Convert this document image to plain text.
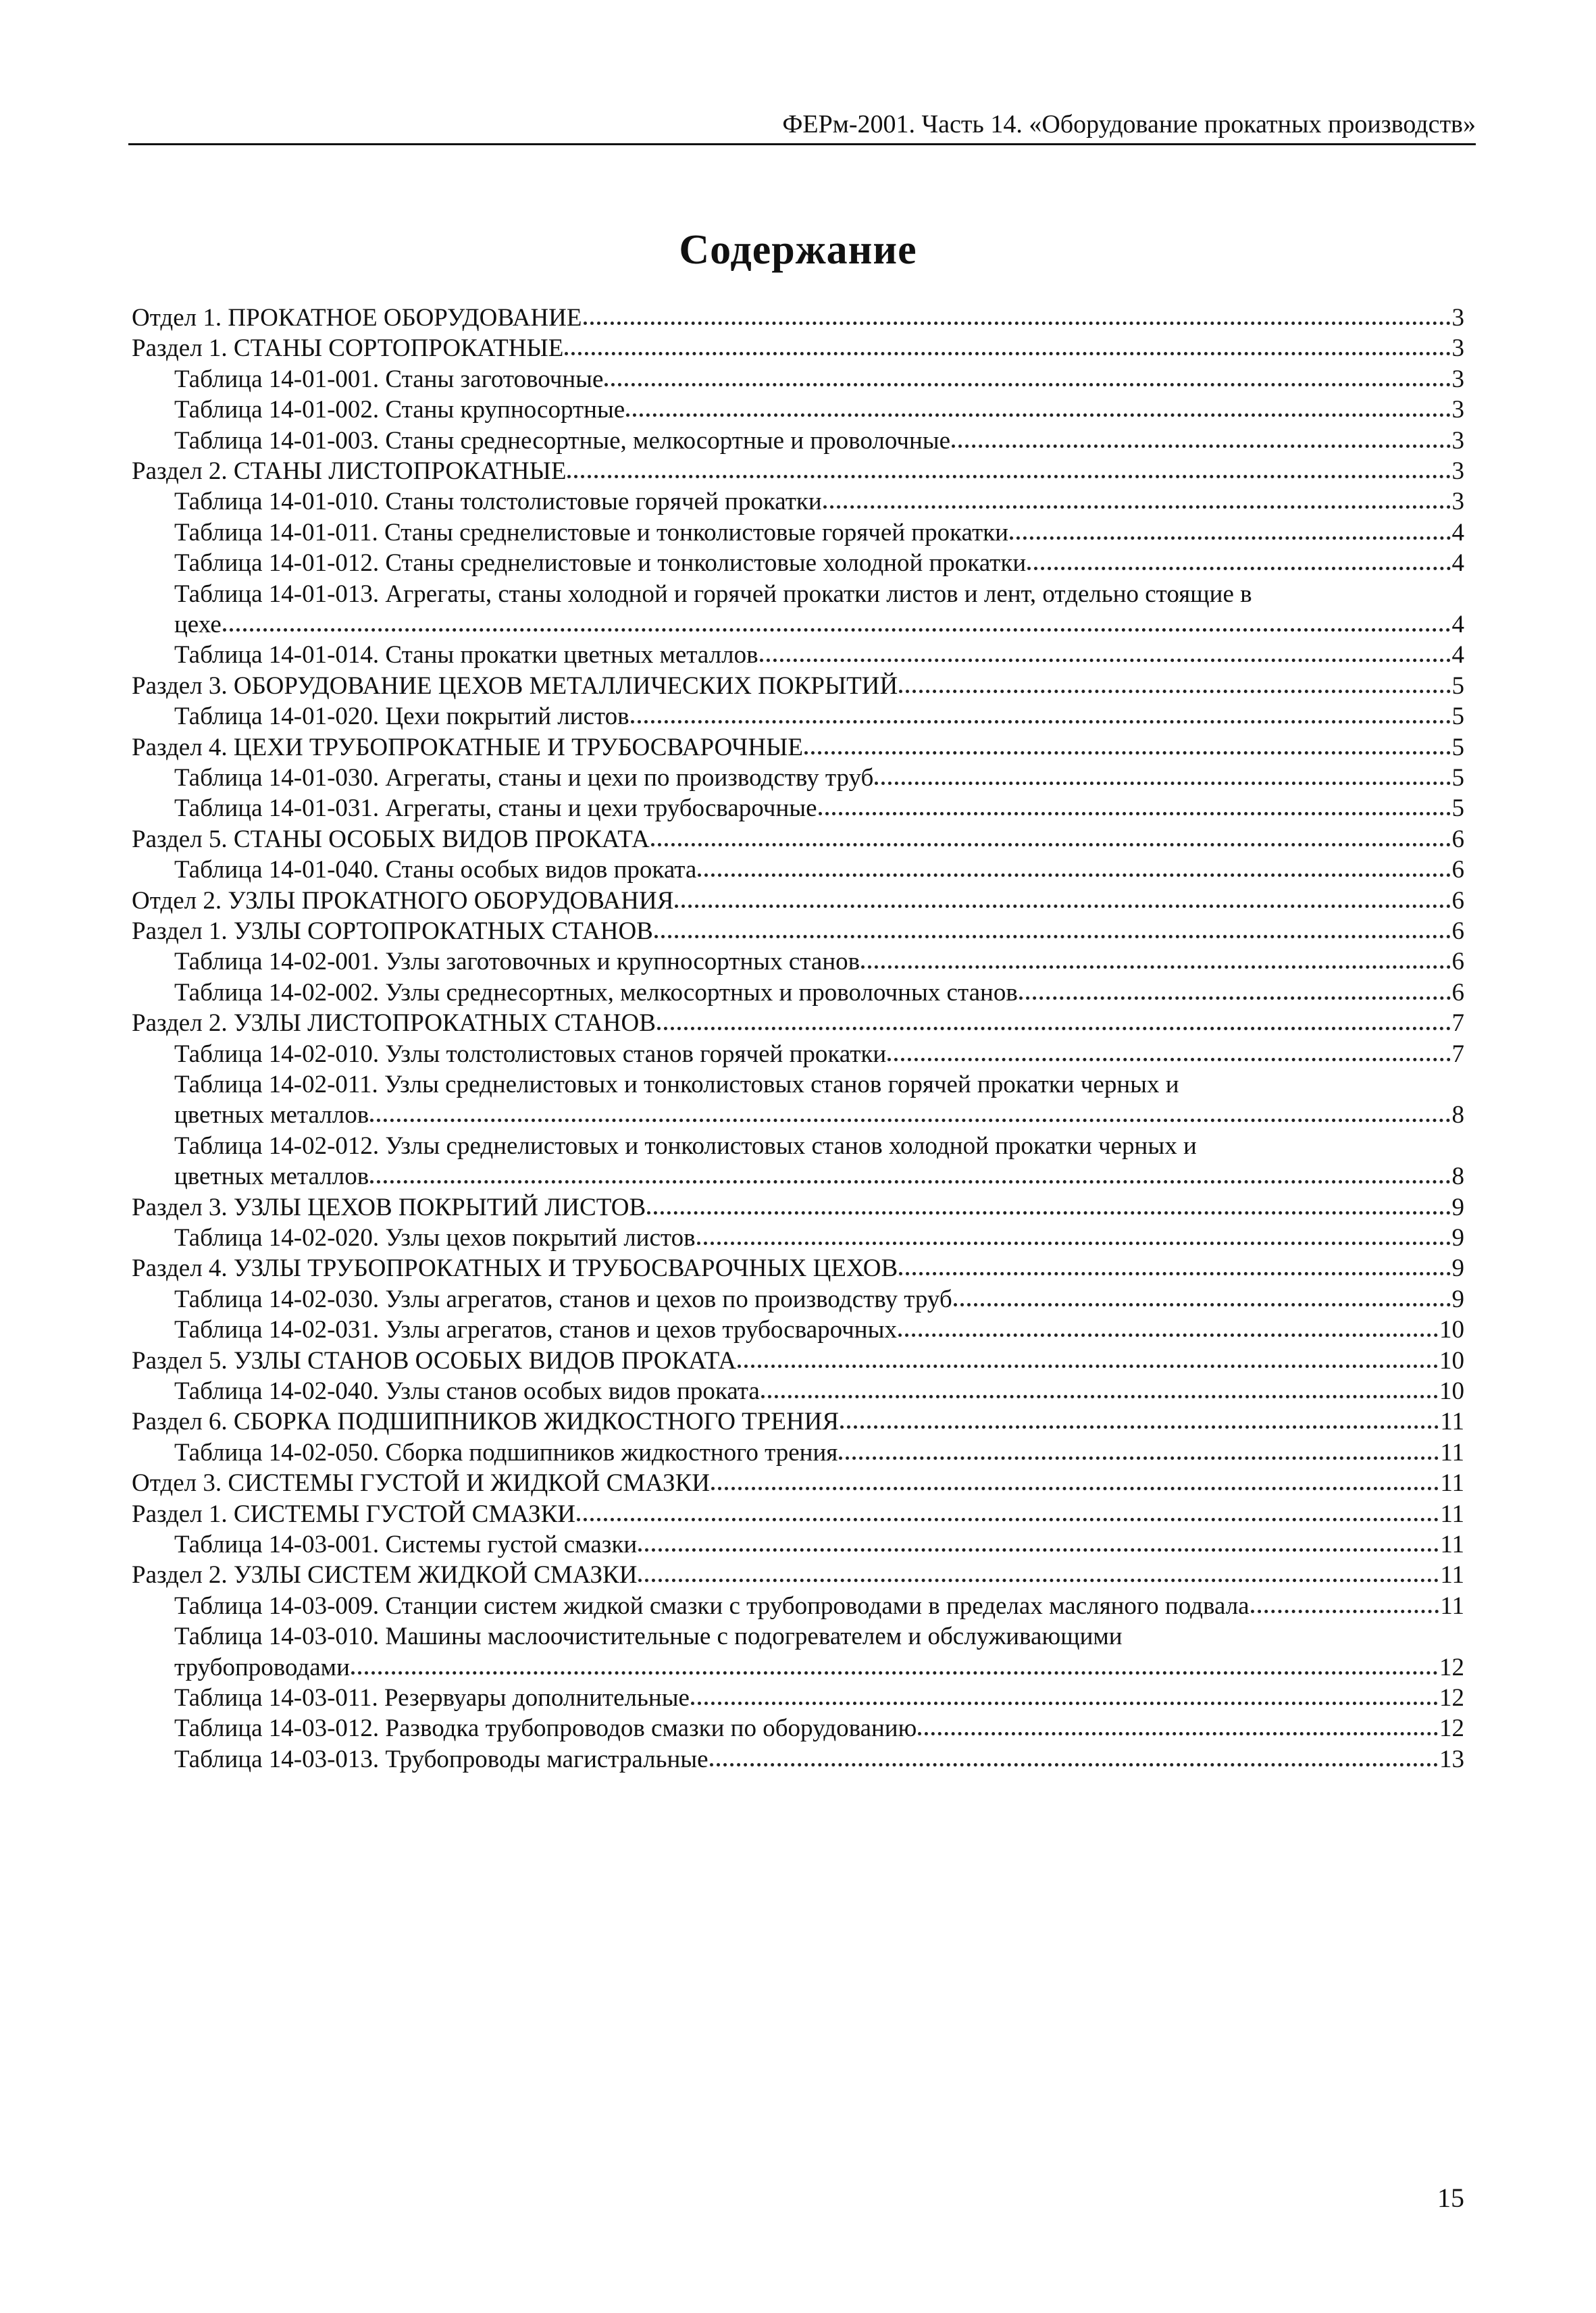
ФЕРм-2001. Часть 14. «Оборудование прокатных производств»
Содержание
Отдел 1. ПРОКАТНОЕ ОБОРУДОВАНИЕ	3
Раздел 1. СТАНЫ СОРТОПРОКАТНЫЕ	3
Таблица 14-01-001. Станы заготовочные	3
Таблица 14-01-002. Станы крупносортные	3
Таблица 14-01-003. Станы среднесортные, мелкосортные и проволочные	3
Раздел 2. СТАНЫ ЛИСТОПРОКАТНЫЕ	3
Таблица 14-01-010. Станы толстолистовые горячей прокатки	3
Таблица 14-01-011. Станы среднелистовые и тонколистовые горячей прокатки	4
Таблица 14-01-012. Станы среднелистовые и тонколистовые холодной прокатки	4
Таблица 14-01-013. Агрегаты, станы холодной и горячей прокатки листов и лент, отдельно стоящие в
цехе	4
Таблица 14-01-014. Станы прокатки цветных металлов	4
Раздел 3. ОБОРУДОВАНИЕ ЦЕХОВ МЕТАЛЛИЧЕСКИХ ПОКРЫТИЙ	5
Таблица 14-01-020. Цехи покрытий листов	5
Раздел 4. ЦЕХИ ТРУБОПРОКАТНЫЕ И ТРУБОСВАРОЧНЫЕ	5
Таблица 14-01-030. Агрегаты, станы и цехи по производству труб	5
Таблица 14-01-031. Агрегаты, станы и цехи трубосварочные	5
Раздел 5. СТАНЫ ОСОБЫХ ВИДОВ ПРОКАТА	6
Таблица 14-01-040. Станы особых видов проката	6
Отдел 2. УЗЛЫ ПРОКАТНОГО ОБОРУДОВАНИЯ	6
Раздел 1. УЗЛЫ СОРТОПРОКАТНЫХ СТАНОВ	6
Таблица 14-02-001. Узлы заготовочных и крупносортных станов	6
Таблица 14-02-002. Узлы среднесортных, мелкосортных и проволочных станов	6
Раздел 2. УЗЛЫ ЛИСТОПРОКАТНЫХ СТАНОВ	7
Таблица 14-02-010. Узлы толстолистовых станов горячей прокатки	7
Таблица 14-02-011. Узлы среднелистовых и тонколистовых станов горячей прокатки черных и
цветных металлов	8
Таблица 14-02-012. Узлы среднелистовых и тонколистовых станов холодной прокатки черных и
цветных металлов	8
Раздел 3. УЗЛЫ ЦЕХОВ ПОКРЫТИЙ ЛИСТОВ	9
Таблица 14-02-020. Узлы цехов покрытий листов	9
Раздел 4. УЗЛЫ ТРУБОПРОКАТНЫХ И ТРУБОСВАРОЧНЫХ ЦЕХОВ	9
Таблица 14-02-030. Узлы агрегатов, станов и цехов по производству труб	9
Таблица 14-02-031. Узлы агрегатов, станов и цехов трубосварочных	10
Раздел 5. УЗЛЫ СТАНОВ ОСОБЫХ ВИДОВ ПРОКАТА	10
Таблица 14-02-040. Узлы станов особых видов проката	10
Раздел 6. СБОРКА ПОДШИПНИКОВ ЖИДКОСТНОГО ТРЕНИЯ	11
Таблица 14-02-050. Сборка подшипников жидкостного трения	11
Отдел 3. СИСТЕМЫ ГУСТОЙ И ЖИДКОЙ СМАЗКИ	11
Раздел 1. СИСТЕМЫ ГУСТОЙ СМАЗКИ	11
Таблица 14-03-001. Системы густой смазки	11
Раздел 2. УЗЛЫ СИСТЕМ ЖИДКОЙ СМАЗКИ	11
Таблица 14-03-009. Станции систем жидкой смазки с трубопроводами в пределах масляного подвала	11
Таблица 14-03-010. Машины маслоочистительные с подогревателем и обслуживающими
трубопроводами	12
Таблица 14-03-011. Резервуары дополнительные	12
Таблица 14-03-012. Разводка трубопроводов смазки по оборудованию	12
Таблица 14-03-013. Трубопроводы магистральные	13
15
